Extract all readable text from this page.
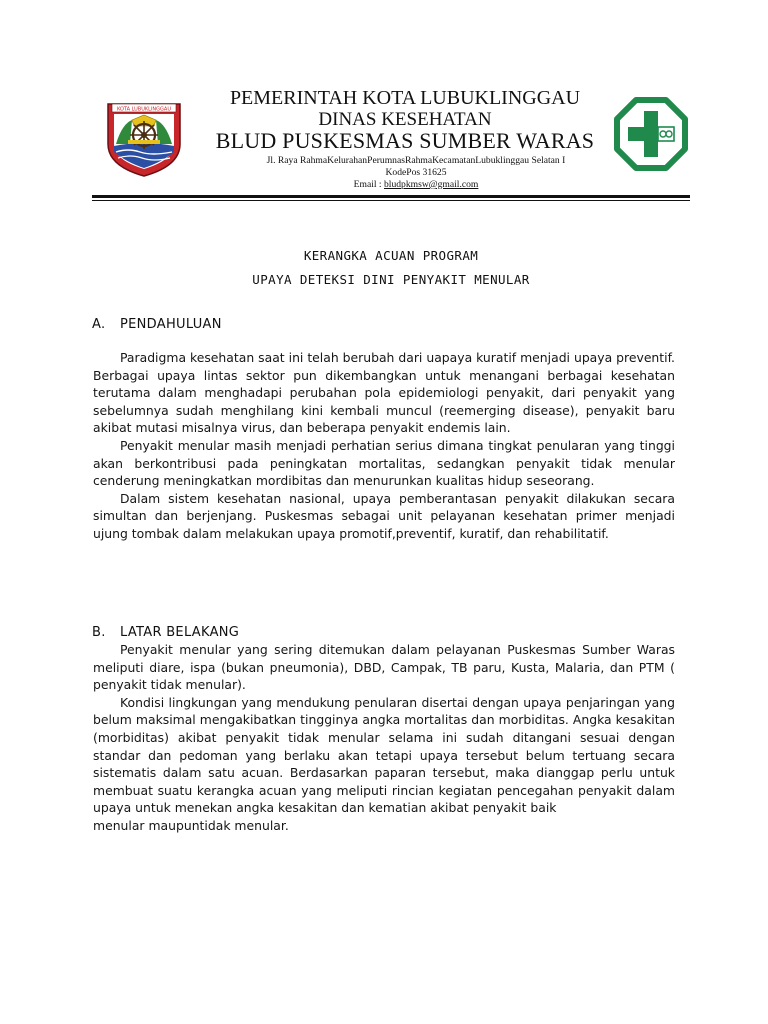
KOTA LUBUKLINGGAU
PEMERINTAH KOTA LUBUKLINGGAU
DINAS KESEHATAN
BLUD PUSKESMAS SUMBER WARAS
Jl. Raya RahmaKelurahanPerumnasRahmaKecamatanLubuklinggau Selatan I
KodePos 31625
Email : bludpkmsw@gmail.com
KERANGKA ACUAN PROGRAM
UPAYA DETEKSI DINI PENYAKIT MENULAR
A. PENDAHULUAN

Paradigma kesehatan saat ini telah berubah dari uapaya kuratif menjadi upaya preventif. Berbagai upaya lintas sektor pun dikembangkan untuk menangani berbagai kesehatan terutama dalam menghadapi perubahan pola epidemiologi penyakit, dari penyakit yang sebelumnya sudah menghilang kini kembali muncul (reemerging disease), penyakit baru akibat mutasi misalnya virus, dan beberapa penyakit endemis lain.

Penyakit menular masih menjadi perhatian serius dimana tingkat penularan yang tinggi akan berkontribusi pada peningkatan mortalitas, sedangkan penyakit tidak menular cenderung meningkatkan mordibitas dan menurunkan kualitas hidup seseorang.

Dalam sistem kesehatan nasional, upaya pemberantasan penyakit dilakukan secara simultan dan berjenjang. Puskesmas sebagai unit pelayanan kesehatan primer menjadi ujung tombak dalam melakukan upaya promotif,preventif, kuratif, dan rehabilitatif.

B. LATAR BELAKANG

Penyakit menular yang sering ditemukan dalam pelayanan Puskesmas Sumber Waras meliputi diare, ispa (bukan pneumonia), DBD, Campak, TB paru, Kusta, Malaria, dan PTM ( penyakit tidak menular).

Kondisi lingkungan yang mendukung penularan disertai dengan upaya penjaringan yang belum maksimal mengakibatkan tingginya angka mortalitas dan morbiditas. Angka kesakitan (morbiditas) akibat penyakit tidak menular selama ini sudah ditangani sesuai dengan standar dan pedoman yang berlaku akan tetapi upaya tersebut belum tertuang secara sistematis dalam satu acuan. Berdasarkan paparan tersebut, maka dianggap perlu untuk membuat suatu kerangka acuan yang meliputi rincian kegiatan pencegahan penyakit dalam upaya untuk menekan angka kesakitan dan kematian akibat penyakit baik

menular maupuntidak menular.
